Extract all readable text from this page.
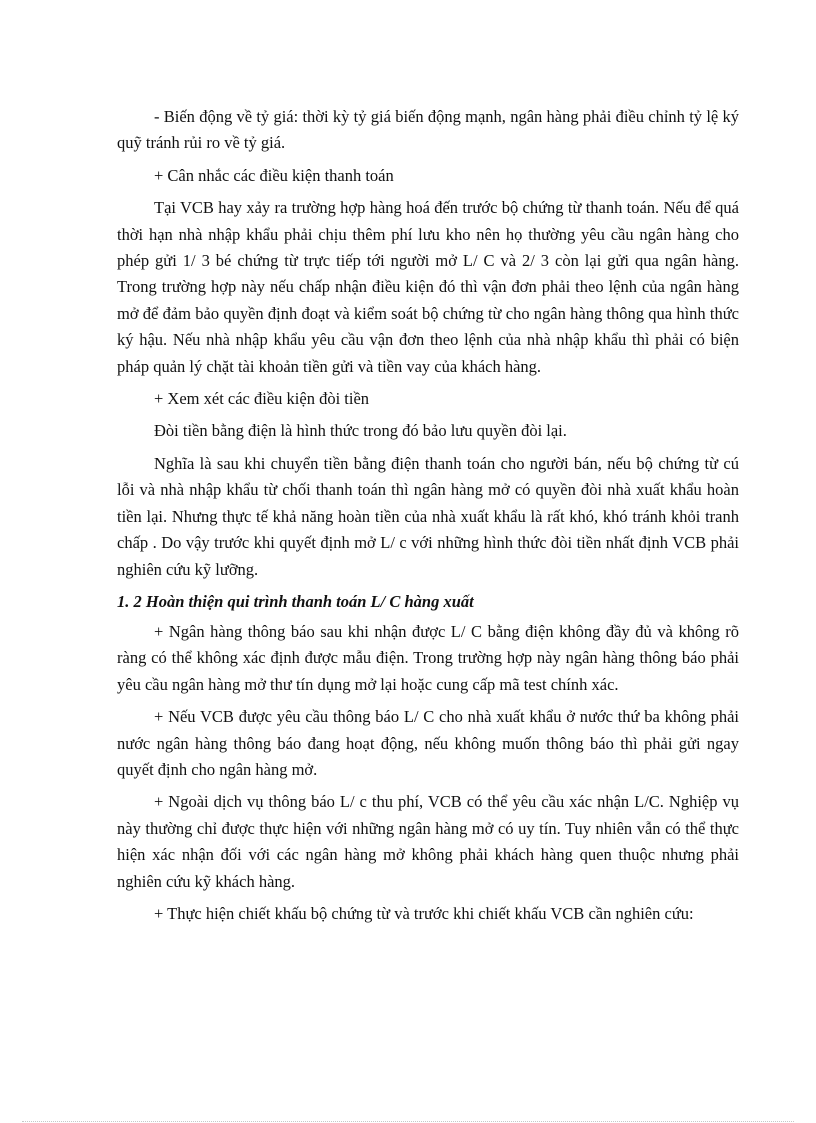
- Biến động về tỷ giá: thời kỳ tỷ giá biến động mạnh, ngân hàng phải điều chỉnh tỷ lệ ký quỹ tránh rủi ro về tỷ giá.

+ Cân nhắc các điều kiện thanh toán

Tại VCB hay xảy ra trường hợp hàng hoá đến trước bộ chứng từ thanh toán. Nếu để quá thời hạn nhà nhập khẩu phải chịu thêm phí lưu kho nên họ thường yêu cầu ngân hàng cho phép gửi 1/ 3 bé chứng từ trực tiếp tới người mở L/ C và 2/ 3 còn lại gửi qua ngân hàng. Trong trường hợp này nếu chấp nhận điều kiện đó thì vận đơn phải theo lệnh của ngân hàng mở để đảm bảo quyền định đoạt và kiểm soát bộ chứng từ cho ngân hàng thông qua hình thức ký hậu. Nếu nhà nhập khẩu yêu cầu vận đơn theo lệnh của nhà nhập khẩu thì phải có biện pháp quản lý chặt tài khoản tiền gửi và tiền vay của khách hàng.

+ Xem xét các điều kiện đòi tiền

Đòi tiền bằng điện là hình thức trong đó bảo lưu quyền đòi lại.

Nghĩa là sau khi chuyển tiền bằng điện thanh toán cho người bán, nếu bộ chứng từ cú lỗi và nhà nhập khẩu từ chối thanh toán thì ngân hàng mở có quyền đòi nhà xuất khẩu hoàn tiền lại. Nhưng thực tế khả năng hoàn tiền của nhà xuất khẩu là rất khó, khó tránh khỏi tranh chấp . Do vậy trước khi quyết định mở L/ c với những hình thức đòi tiền nhất định VCB phải nghiên cứu kỹ lưỡng.

1. 2 Hoàn thiện qui trình thanh toán L/ C hàng xuất

+ Ngân hàng thông báo sau khi nhận được L/ C bằng điện không đầy đủ và không rõ ràng có thể không xác định được mẫu điện. Trong trường hợp này ngân hàng thông báo phải yêu cầu ngân hàng mở thư tín dụng mở lại hoặc cung cấp mã test chính xác.

+ Nếu VCB được yêu cầu thông báo L/ C cho nhà xuất khẩu ở nước thứ ba không phải nước ngân hàng thông báo đang hoạt động, nếu không muốn thông báo thì phải gửi ngay quyết định cho ngân hàng mở.

+ Ngoài dịch vụ thông báo L/ c thu phí, VCB có thể yêu cầu xác nhận L/C. Nghiệp vụ này thường chỉ được thực hiện với những ngân hàng mở có uy tín. Tuy nhiên vẫn có thể thực hiện xác nhận đối với các ngân hàng mở không phải khách hàng quen thuộc nhưng phải nghiên cứu kỹ khách hàng.

+ Thực hiện chiết khấu bộ chứng từ và trước khi chiết khấu VCB cần nghiên cứu:
